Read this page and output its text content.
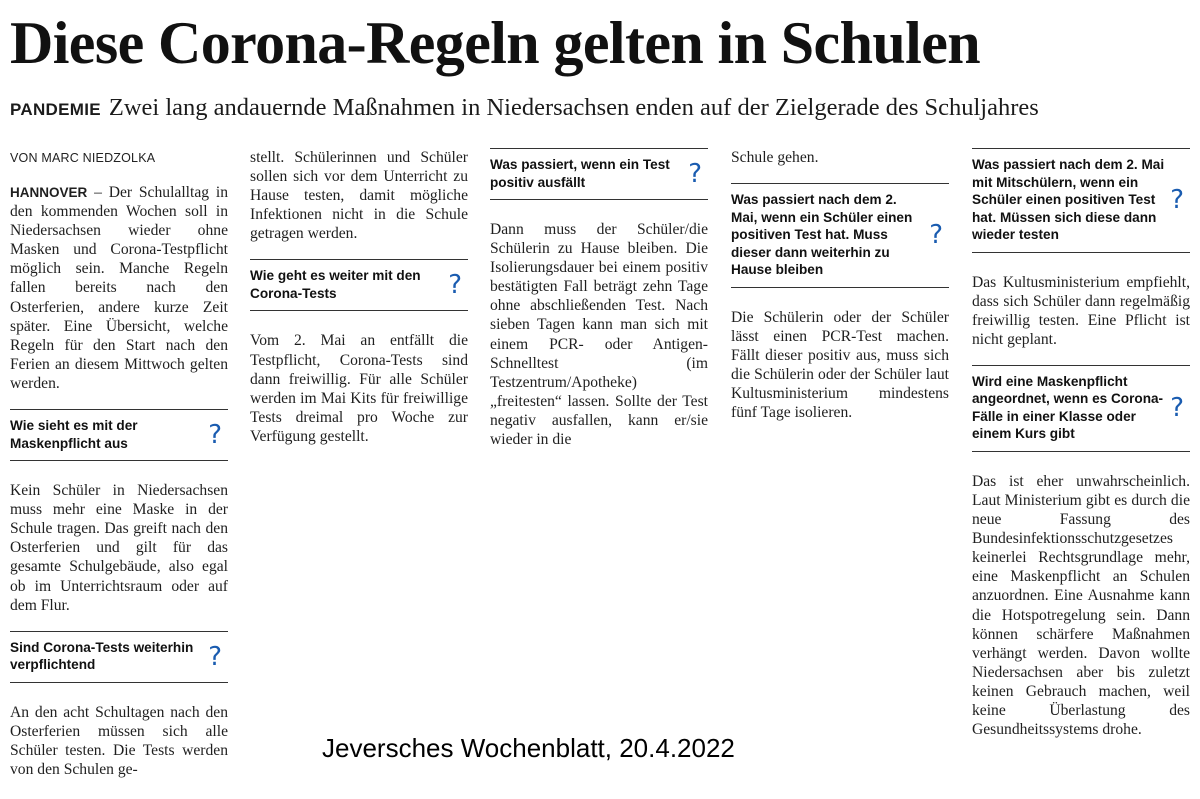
Diese Corona-Regeln gelten in Schulen
PANDEMIE Zwei lang andauernde Maßnahmen in Niedersachsen enden auf der Zielgerade des Schuljahres
VON MARC NIEDZOLKA

HANNOVER – Der Schulalltag in den kommenden Wochen soll in Niedersachsen wieder ohne Masken und Corona-Testpflicht möglich sein. Manche Regeln fallen bereits nach den Osterferien, andere kurze Zeit später. Eine Übersicht, welche Regeln für den Start nach den Ferien an diesem Mittwoch gelten werden.

Wie sieht es mit der Maskenpflicht aus	?

Kein Schüler in Niedersachsen muss mehr eine Maske in der Schule tragen. Das greift nach den Osterferien und gilt für das gesamte Schulgebäude, also egal ob im Unterrichtsraum oder auf dem Flur.

Sind Corona-Tests weiterhin verpflichtend	?

An den acht Schultagen nach den Osterferien müssen sich alle Schüler testen. Die Tests werden von den Schulen ge-

stellt. Schülerinnen und Schüler sollen sich vor dem Unterricht zu Hause testen, damit mögliche Infektionen nicht in die Schule getragen werden.

Wie geht es weiter mit den Corona-Tests	?

Vom 2. Mai an entfällt die Testpflicht, Corona-Tests sind dann freiwillig. Für alle Schüler werden im Mai Kits für freiwillige Tests dreimal pro Woche zur Verfügung gestellt.

Was passiert, wenn ein Test positiv ausfällt	?

Dann muss der Schüler/die Schülerin zu Hause bleiben. Die Isolierungsdauer bei einem positiv bestätigten Fall beträgt zehn Tage ohne abschließenden Test. Nach sieben Tagen kann man sich mit einem PCR- oder Antigen-Schnelltest (im Testzentrum/Apotheke) „freitesten“ lassen. Sollte der Test negativ ausfallen, kann er/sie wieder in die

Schule gehen.

Was passiert nach dem 2. Mai, wenn ein Schüler einen positiven Test hat. Muss dieser dann weiterhin zu Hause bleiben
?

Die Schülerin oder der Schüler lässt einen PCR-Test machen. Fällt dieser positiv aus, muss sich die Schülerin oder der Schüler laut Kultusministerium mindestens fünf Tage isolieren.

Was passiert nach dem 2. Mai mit Mitschülern, wenn ein Schüler einen positiven Test hat. Müssen sich diese dann wieder testen
?

Das Kultusministerium empfiehlt, dass sich Schüler dann regelmäßig freiwillig testen. Eine Pflicht ist nicht geplant.

Wird eine Maskenpflicht angeordnet, wenn es Corona-Fälle in einer Klasse oder einem Kurs gibt
?

Das ist eher unwahrscheinlich. Laut Ministerium gibt es durch die neue Fassung des Bundesinfektionsschutzgesetzes keinerlei Rechtsgrundlage mehr, eine Maskenpflicht an Schulen anzuordnen. Eine Ausnahme kann die Hotspotregelung sein. Dann können schärfere Maßnahmen verhängt werden. Davon wollte Niedersachsen aber bis zuletzt keinen Gebrauch machen, weil keine Überlastung des Gesundheitssystems drohe.

Jeversches Wochenblatt, 20.4.2022
